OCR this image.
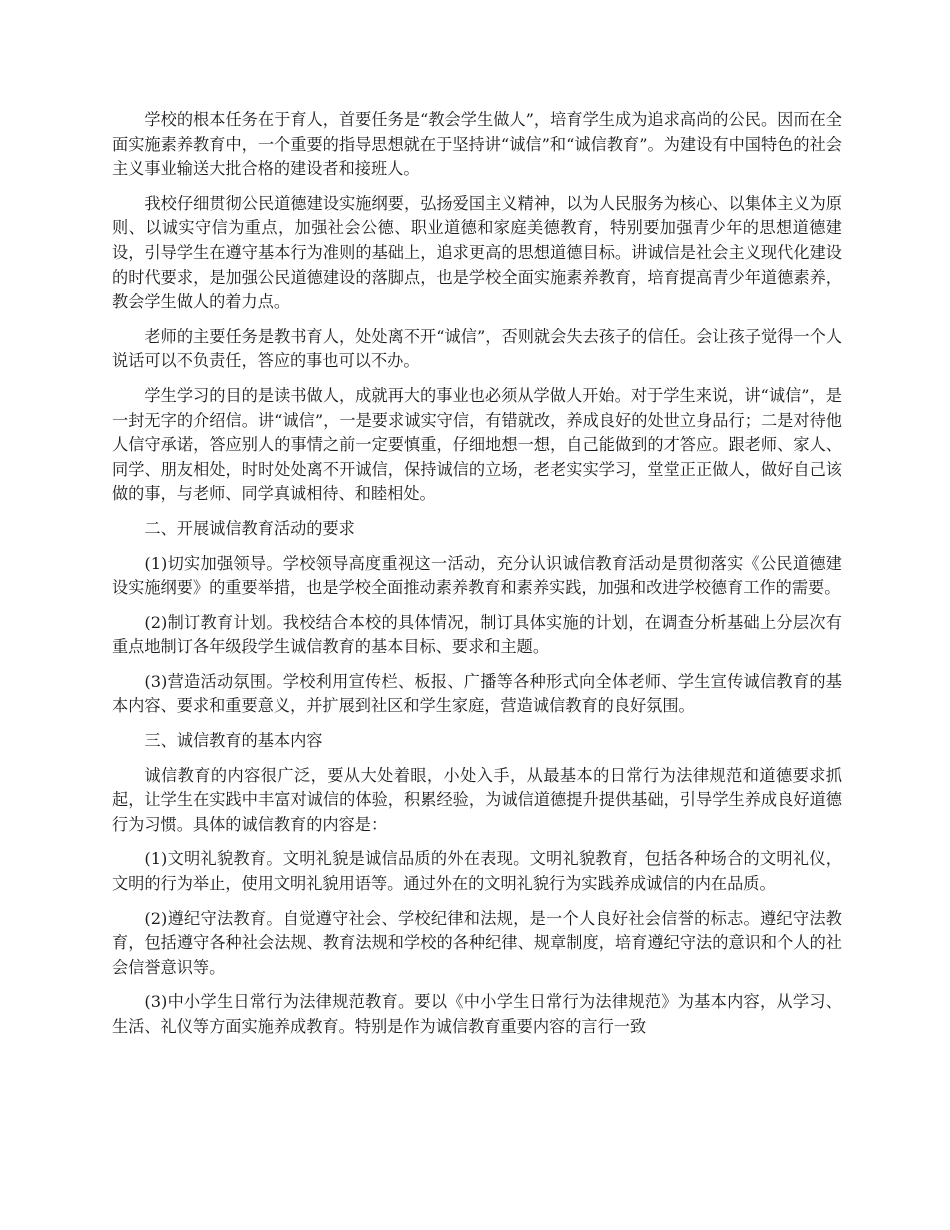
学校的根本任务在于育人，首要任务是“教会学生做人”，培育学生成为追求高尚的公民。因而在全面实施素养教育中，一个重要的指导思想就在于坚持讲“诚信”和“诚信教育”。为建设有中国特色的社会主义事业输送大批合格的建设者和接班人。

我校仔细贯彻公民道德建设实施纲要，弘扬爱国主义精神，以为人民服务为核心、以集体主义为原则、以诚实守信为重点，加强社会公德、职业道德和家庭美德教育，特别要加强青少年的思想道德建设，引导学生在遵守基本行为准则的基础上，追求更高的思想道德目标。讲诚信是社会主义现代化建设的时代要求，是加强公民道德建设的落脚点，也是学校全面实施素养教育，培育提高青少年道德素养，教会学生做人的着力点。

老师的主要任务是教书育人，处处离不开“诚信”，否则就会失去孩子的信任。会让孩子觉得一个人说话可以不负责任，答应的事也可以不办。

学生学习的目的是读书做人，成就再大的事业也必须从学做人开始。对于学生来说，讲“诚信”，是一封无字的介绍信。讲“诚信”，一是要求诚实守信，有错就改，养成良好的处世立身品行；二是对待他人信守承诺，答应别人的事情之前一定要慎重，仔细地想一想，自己能做到的才答应。跟老师、家人、同学、朋友相处，时时处处离不开诚信，保持诚信的立场，老老实实学习，堂堂正正做人，做好自己该做的事，与老师、同学真诚相待、和睦相处。

二、开展诚信教育活动的要求

(1)切实加强领导。学校领导高度重视这一活动，充分认识诚信教育活动是贯彻落实《公民道德建设实施纲要》的重要举措，也是学校全面推动素养教育和素养实践，加强和改进学校德育工作的需要。

(2)制订教育计划。我校结合本校的具体情况，制订具体实施的计划，在调查分析基础上分层次有重点地制订各年级段学生诚信教育的基本目标、要求和主题。

(3)营造活动氛围。学校利用宣传栏、板报、广播等各种形式向全体老师、学生宣传诚信教育的基本内容、要求和重要意义，并扩展到社区和学生家庭，营造诚信教育的良好氛围。

三、诚信教育的基本内容

诚信教育的内容很广泛，要从大处着眼，小处入手，从最基本的日常行为法律规范和道德要求抓起，让学生在实践中丰富对诚信的体验，积累经验，为诚信道德提升提供基础，引导学生养成良好道德行为习惯。具体的诚信教育的内容是：

(1)文明礼貌教育。文明礼貌是诚信品质的外在表现。文明礼貌教育，包括各种场合的文明礼仪，文明的行为举止，使用文明礼貌用语等。通过外在的文明礼貌行为实践养成诚信的内在品质。

(2)遵纪守法教育。自觉遵守社会、学校纪律和法规，是一个人良好社会信誉的标志。遵纪守法教育，包括遵守各种社会法规、教育法规和学校的各种纪律、规章制度，培育遵纪守法的意识和个人的社会信誉意识等。

(3)中小学生日常行为法律规范教育。要以《中小学生日常行为法律规范》为基本内容，从学习、生活、礼仪等方面实施养成教育。特别是作为诚信教育重要内容的言行一致
